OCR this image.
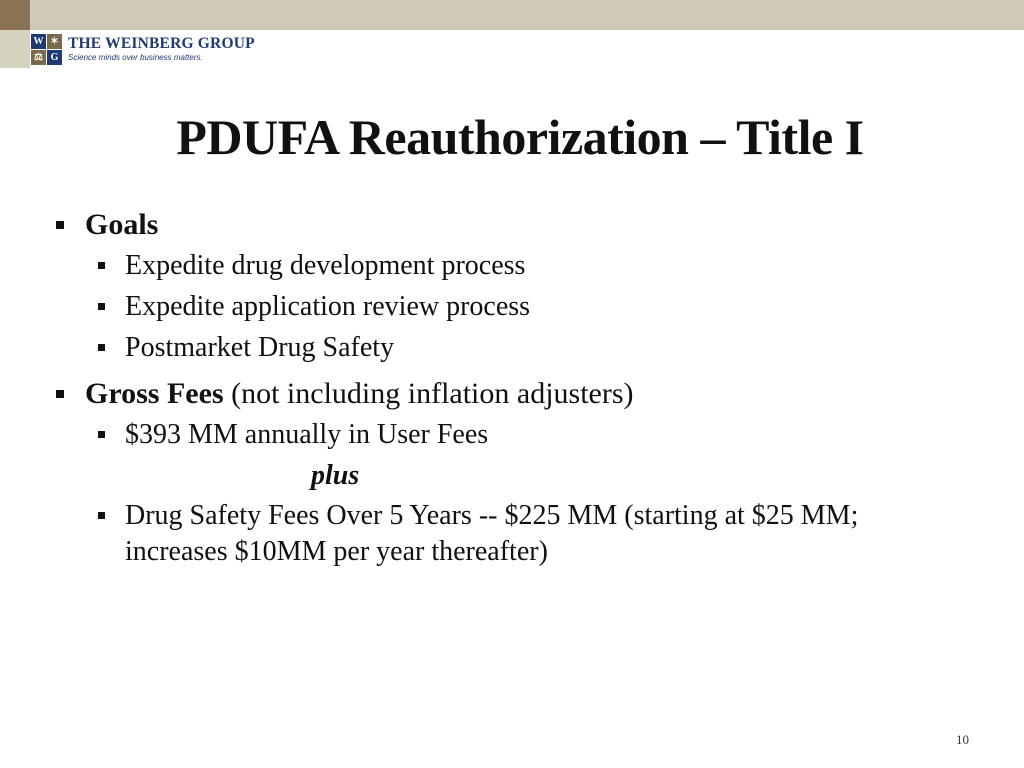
W ✶
⚖ G
THE WEINBERG GROUP
Science minds over business matters.
PDUFA Reauthorization – Title I
Goals
Expedite drug development process
Expedite application review process
Postmarket Drug Safety
Gross Fees (not including inflation adjusters)
$393 MM annually in User Fees
plus
Drug Safety Fees Over 5 Years -- $225 MM (starting at $25 MM; increases $10MM per year thereafter)
10
